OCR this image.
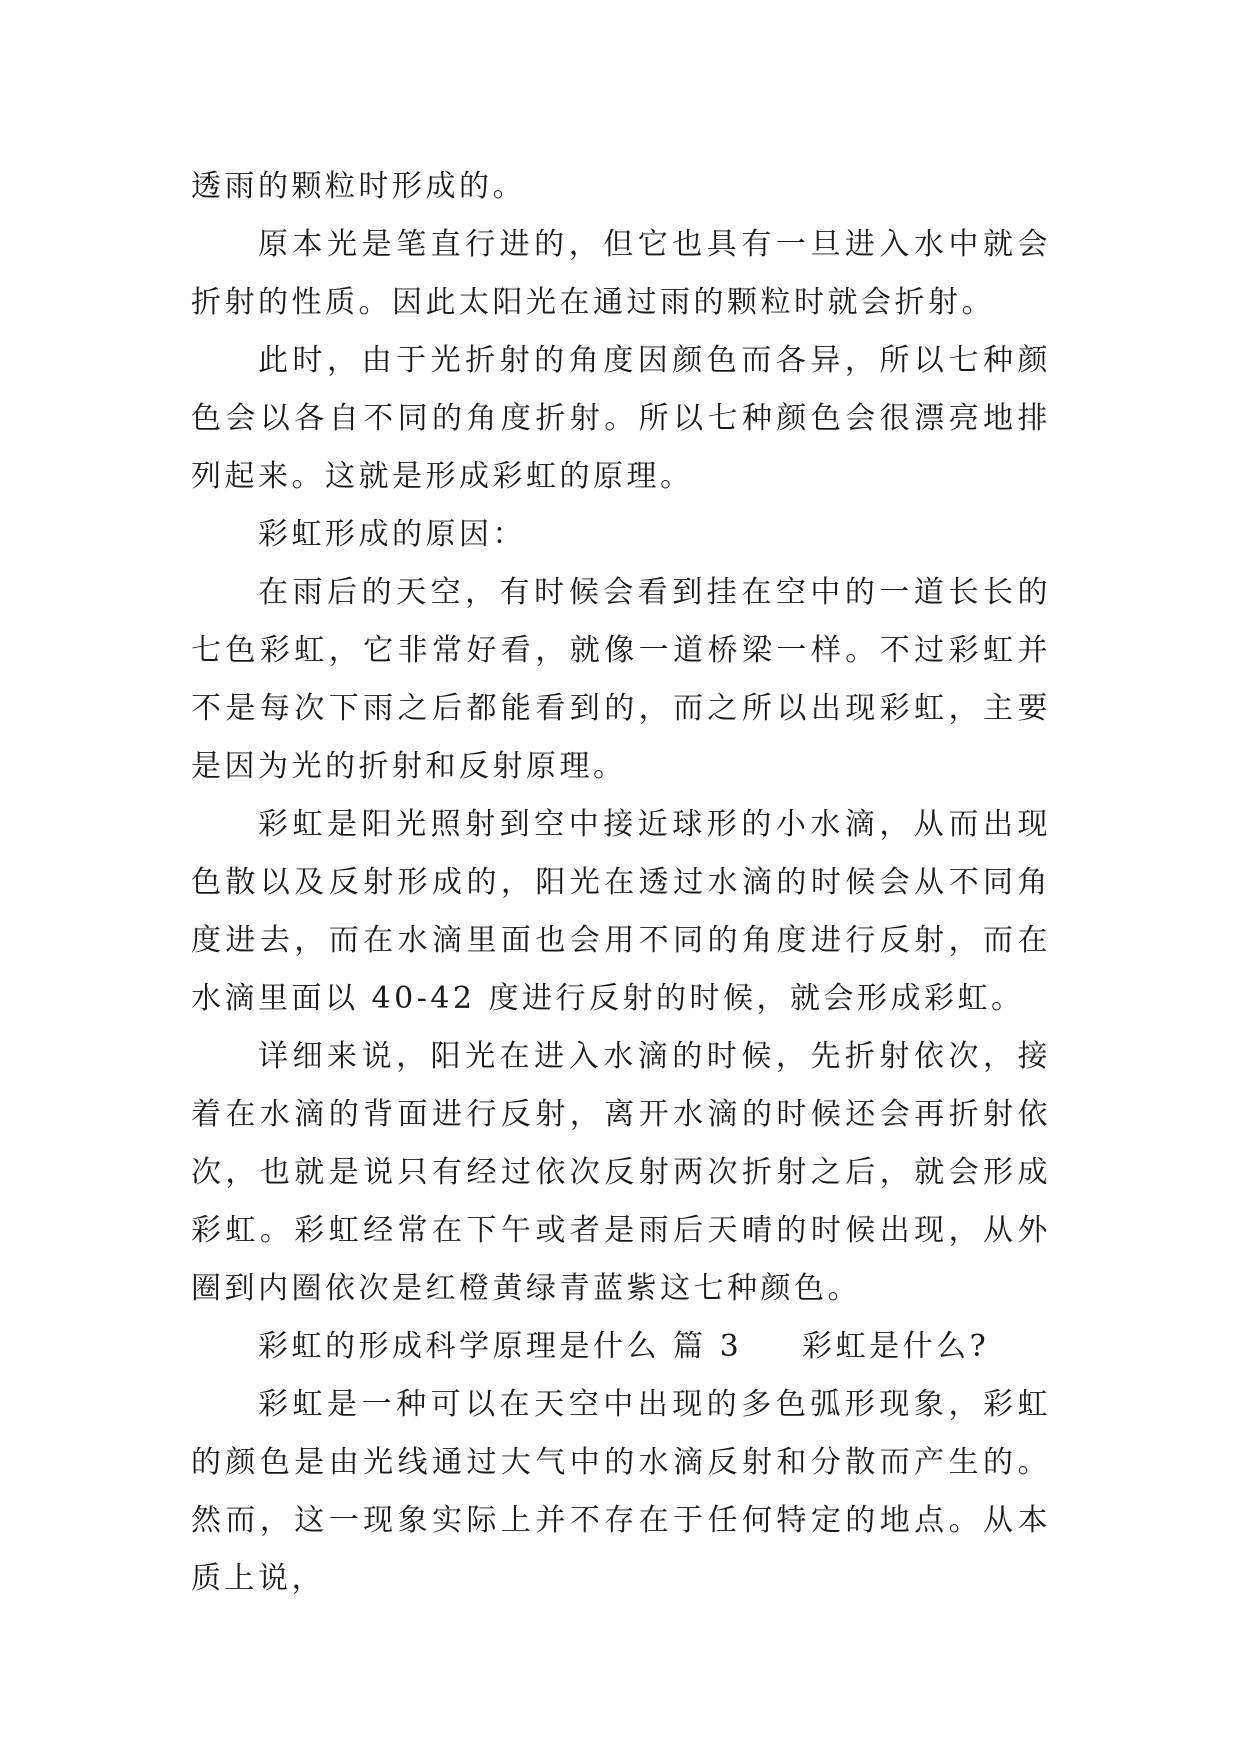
透雨的颗粒时形成的。

原本光是笔直行进的，但它也具有一旦进入水中就会折射的性质。因此太阳光在通过雨的颗粒时就会折射。

此时，由于光折射的角度因颜色而各异，所以七种颜色会以各自不同的角度折射。所以七种颜色会很漂亮地排列起来。这就是形成彩虹的原理。

彩虹形成的原因：

在雨后的天空，有时候会看到挂在空中的一道长长的七色彩虹，它非常好看，就像一道桥梁一样。不过彩虹并不是每次下雨之后都能看到的，而之所以出现彩虹，主要是因为光的折射和反射原理。

彩虹是阳光照射到空中接近球形的小水滴，从而出现色散以及反射形成的，阳光在透过水滴的时候会从不同角度进去，而在水滴里面也会用不同的角度进行反射，而在水滴里面以 40-42 度进行反射的时候，就会形成彩虹。

详细来说，阳光在进入水滴的时候，先折射依次，接着在水滴的背面进行反射，离开水滴的时候还会再折射依次，也就是说只有经过依次反射两次折射之后，就会形成彩虹。彩虹经常在下午或者是雨后天晴的时候出现，从外圈到内圈依次是红橙黄绿青蓝紫这七种颜色。

彩虹的形成科学原理是什么 篇 3 彩虹是什么?

彩虹是一种可以在天空中出现的多色弧形现象，彩虹的颜色是由光线通过大气中的水滴反射和分散而产生的。然而，这一现象实际上并不存在于任何特定的地点。从本质上说，
